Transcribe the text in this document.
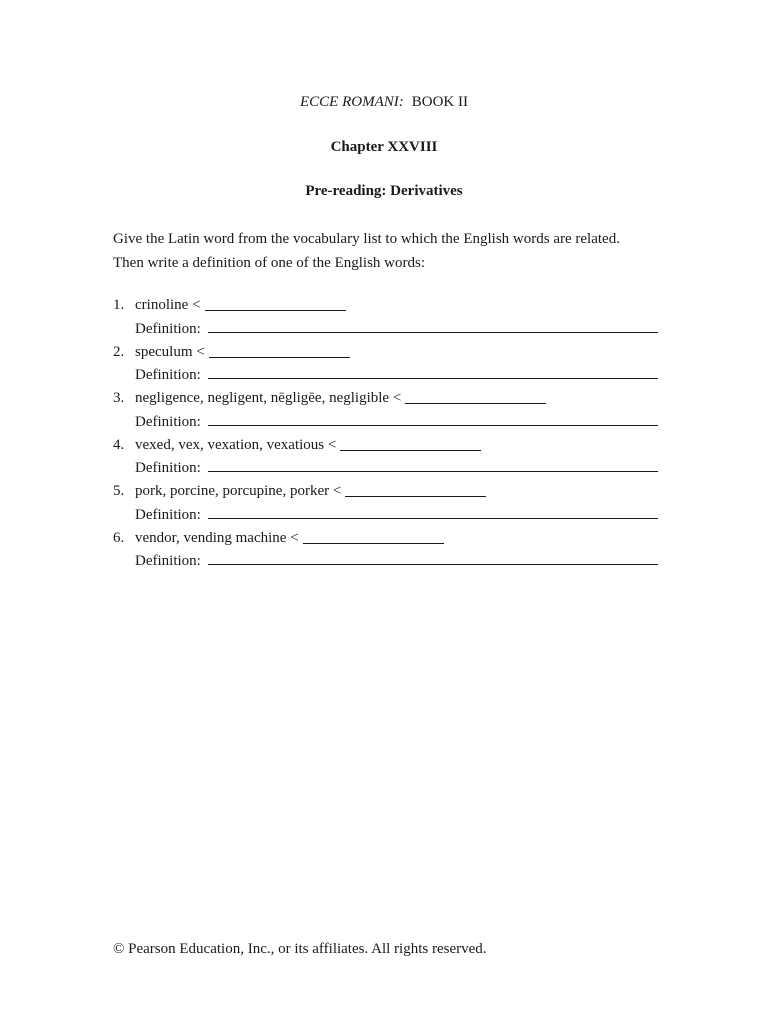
ECCE ROMANI: BOOK II
Chapter XXVIII
Pre-reading: Derivatives

Give the Latin word from the vocabulary list to which the English words are related.

Then write a definition of one of the English words:

1. crinoline <
Definition:
2. speculum <
Definition:
3. negligence, negligent, nēgligēe, negligible <
Definition:
4. vexed, vex, vexation, vexatious <
Definition:
5. pork, porcine, porcupine, porker <
Definition:
6. vendor, vending machine <
Definition:
© Pearson Education, Inc., or its affiliates. All rights reserved.
